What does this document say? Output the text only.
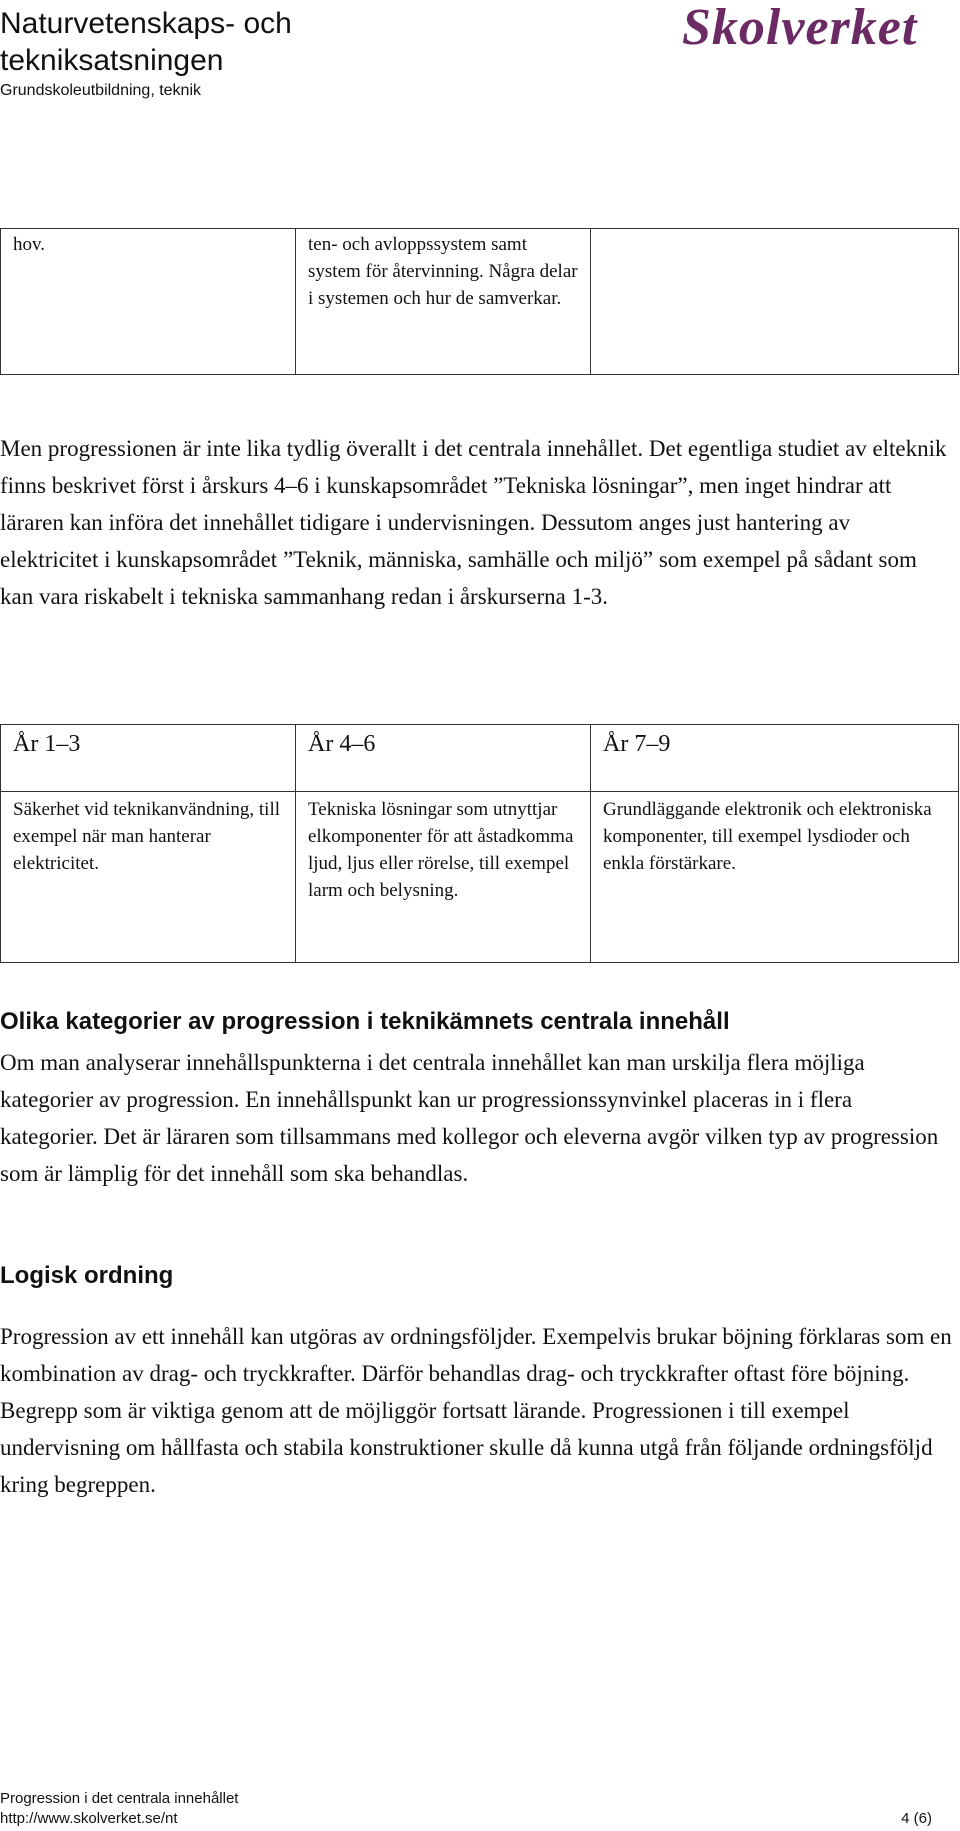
Naturvetenskaps- och
tekniksatsningen
Grundskoleutbildning, teknik
Skolverket
hov.	ten- och avloppssystem samt system för återvinning. Några delar i systemen och hur de samverkar.	

Men progressionen är inte lika tydlig överallt i det centrala innehållet. Det egentliga studiet av elteknik finns beskrivet först i årskurs 4–6 i kunskapsområdet ”Tekniska lösningar”, men inget hindrar att läraren kan införa det innehållet tidigare i undervisningen. Dessutom anges just hantering av elektricitet i kunskapsområdet ”Teknik, människa, samhälle och miljö” som exempel på sådant som kan vara riskabelt i tekniska sammanhang redan i årskurserna 1-3.

År 1–3	År 4–6	År 7–9
Säkerhet vid teknikanvändning, till exempel när man hanterar elektricitet.	Tekniska lösningar som utnyttjar elkomponenter för att åstadkomma ljud, ljus eller rörelse, till exempel larm och belysning.	Grundläggande elektronik och elektroniska komponenter, till exempel lysdioder och enkla förstärkare.
Olika kategorier av progression i teknikämnets centrala innehåll

Om man analyserar innehållspunkterna i det centrala innehållet kan man urskilja flera möjliga kategorier av progression. En innehållspunkt kan ur progressionssynvinkel placeras in i flera kategorier. Det är läraren som tillsammans med kollegor och eleverna avgör vilken typ av progression som är lämplig för det innehåll som ska behandlas.

Logisk ordning

Progression av ett innehåll kan utgöras av ordningsföljder. Exempelvis brukar böjning förklaras som en kombination av drag- och tryckkrafter. Därför behandlas drag- och tryckkrafter oftast före böjning. Begrepp som är viktiga genom att de möjliggör fortsatt lärande. Progressionen i till exempel undervisning om hållfasta och stabila konstruktioner skulle då kunna utgå från följande ordningsföljd kring begreppen.

Progression i det centrala innehållet
http://www.skolverket.se/nt	4 (6)
